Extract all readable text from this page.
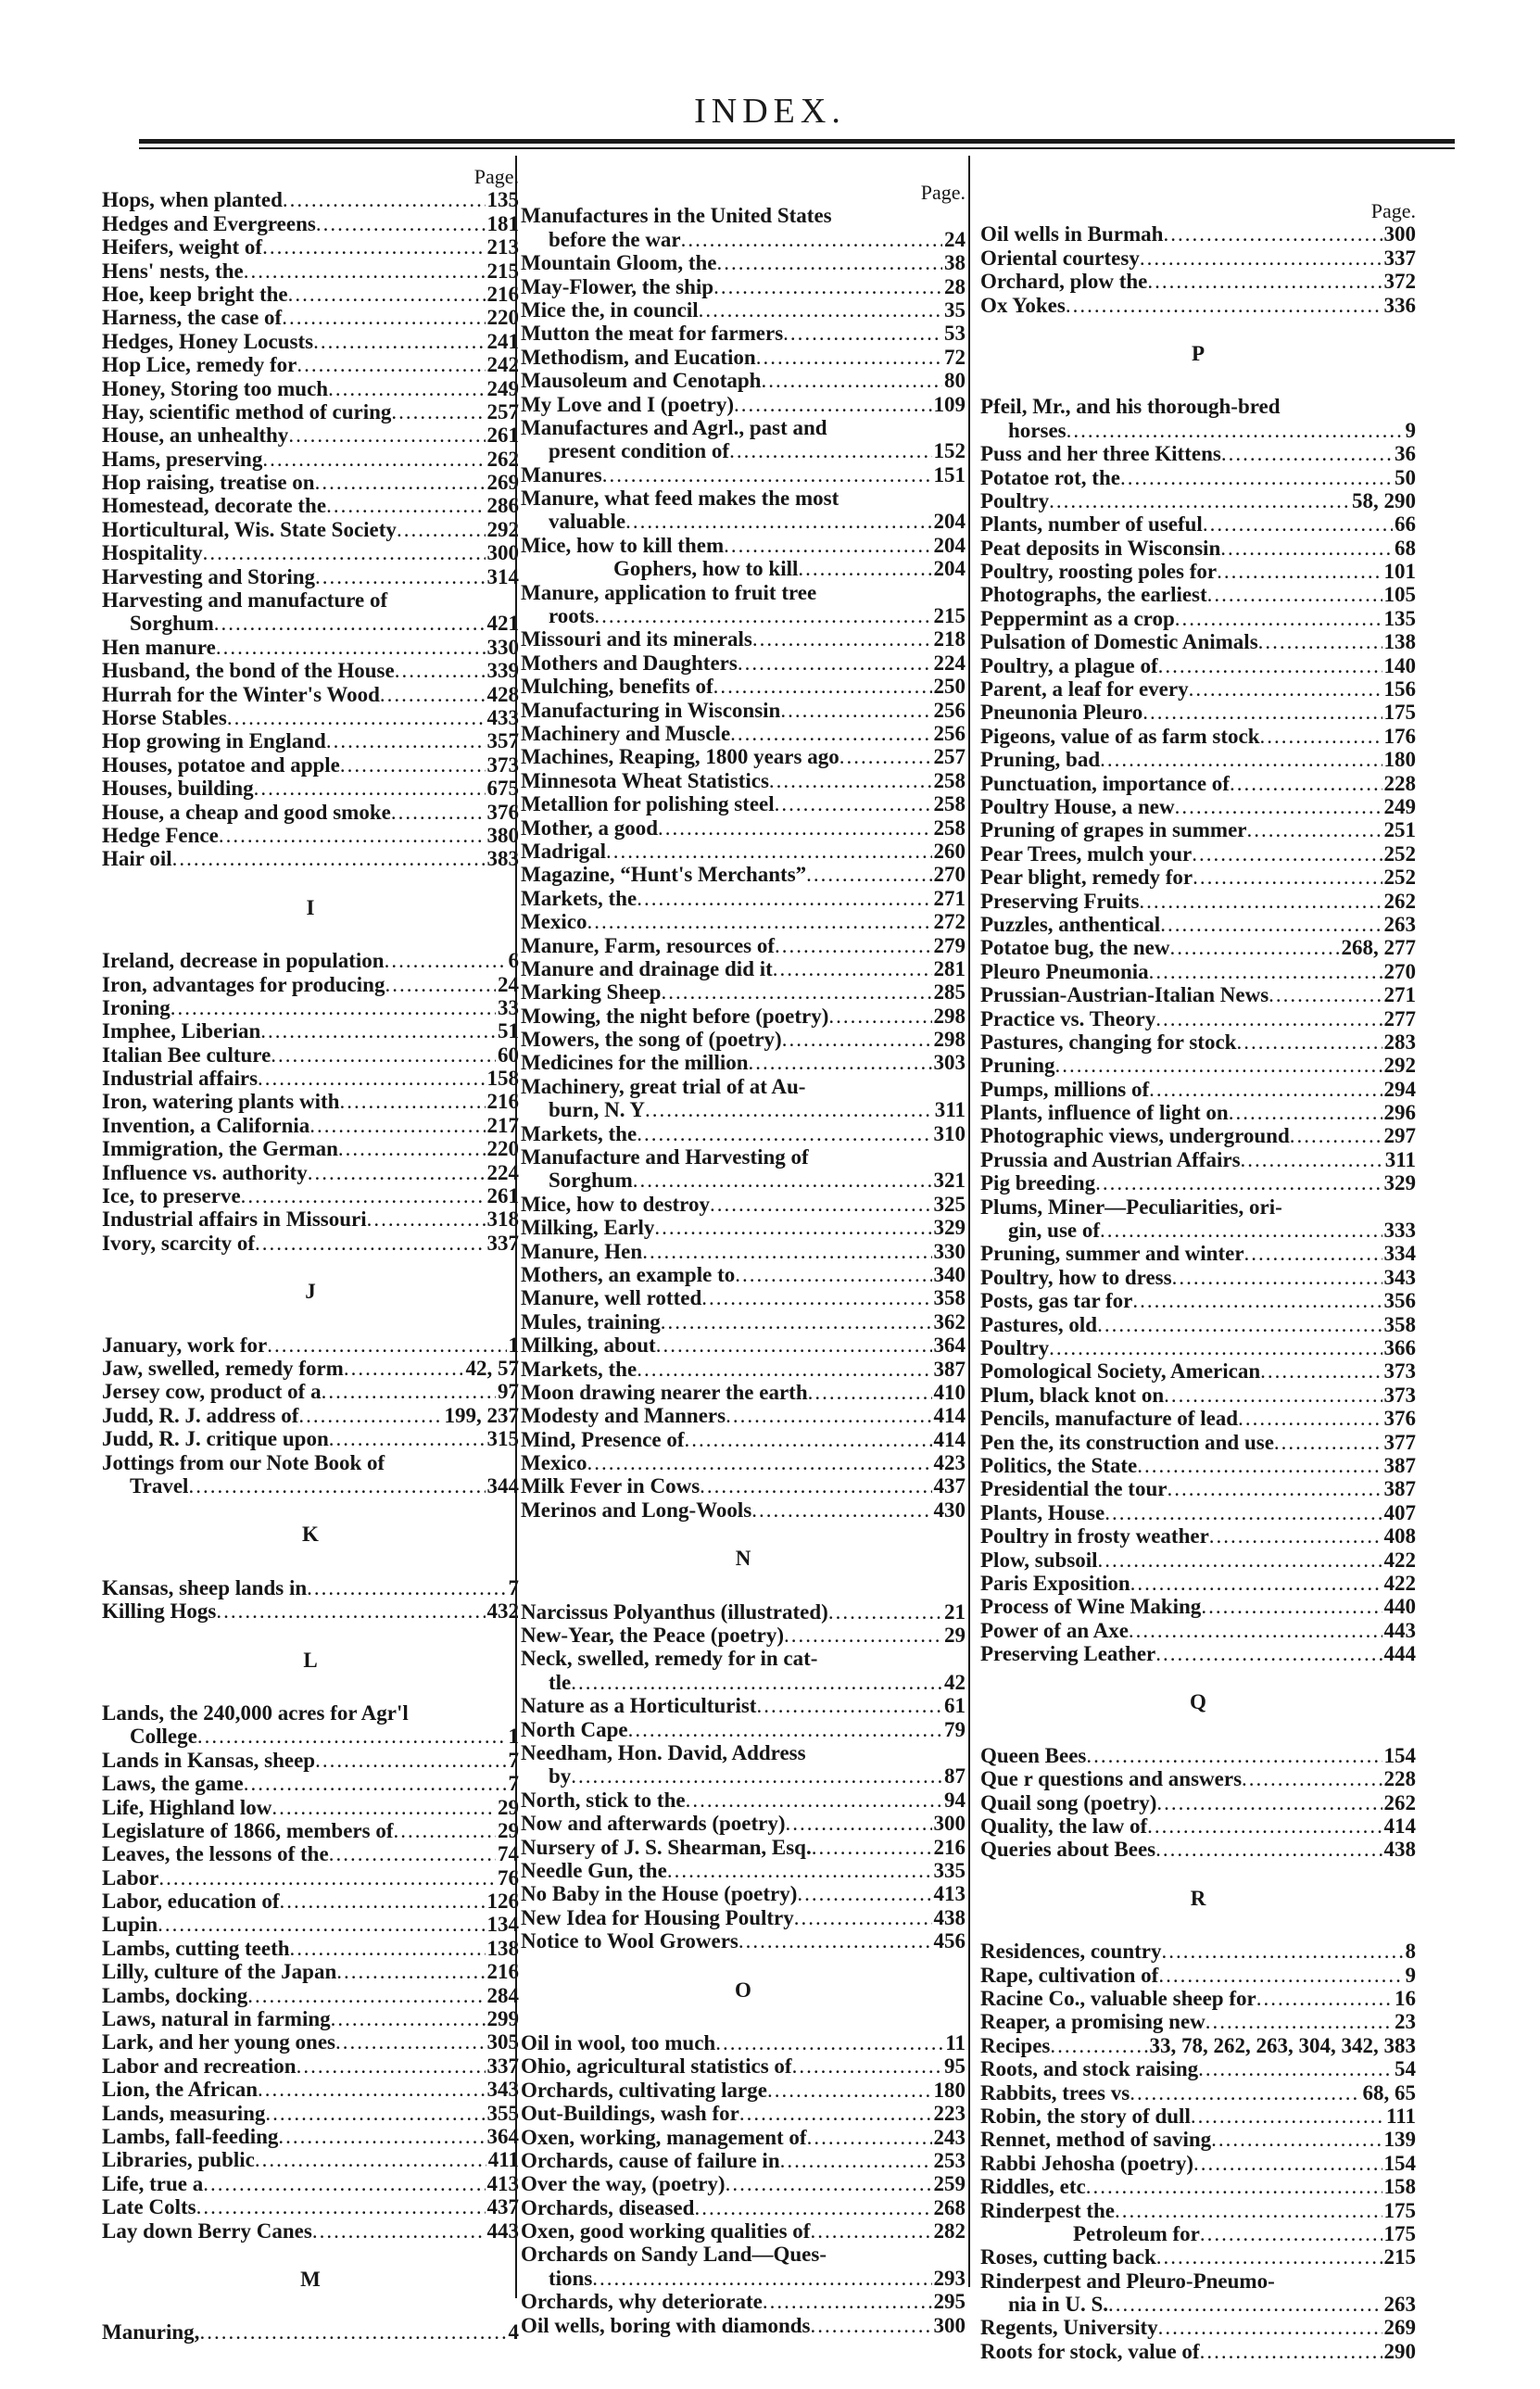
INDEX.
Page.
Hops, when planted .....	135
Hedges and Evergreens .....	181
Heifers, weight of .....	213
Hens' nests, the .....	215
Hoe, keep bright the .....	216
Harness, the case of .....	220
Hedges, Honey Locusts .....	241
Hop Lice, remedy for .....	242
Honey, Storing too much .....	249
Hay, scientific method of curing .....	257
House, an unhealthy .....	261
Hams, preserving .....	262
Hop raising, treatise on .....	269
Homestead, decorate the .....	286
Horticultural, Wis. State Society .....	292
Hospitality .....	300
Harvesting and Storing .....	314
Harvesting and manufacture of
Sorghum .....	421
Hen manure .....	330
Husband, the bond of the House .....	339
Hurrah for the Winter's Wood .....	428
Horse Stables .....	433
Hop growing in England .....	357
Houses, potatoe and apple .....	373
Houses, building .....	675
House, a cheap and good smoke .....	376
Hedge Fence .....	380
Hair oil .....	383
I
Ireland, decrease in population .....	6
Iron, advantages for producing .....	24
Ironing .....	33
Imphee, Liberian .....	51
Italian Bee culture .....	60
Industrial affairs .....	158
Iron, watering plants with .....	216
Invention, a California .....	217
Immigration, the German .....	220
Influence vs. authority .....	224
Ice, to preserve .....	261
Industrial affairs in Missouri .....	318
Ivory, scarcity of .....	337
J
January, work for .....	1
Jaw, swelled, remedy form .....	42, 57
Jersey cow, product of a .....	97
Judd, R. J. address of .....	199, 237
Judd, R. J. critique upon .....	315
Jottings from our Note Book of
Travel .....	344
K
Kansas, sheep lands in .....	7
Killing Hogs .....	432
L
Lands, the 240,000 acres for Agr'l
College .....	1
Lands in Kansas, sheep .....	7
Laws, the game .....	7
Life, Highland low .....	29
Legislature of 1866, members of .....	29
Leaves, the lessons of the .....	74
Labor .....	76
Labor, education of .....	126
Lupin .....	134
Lambs, cutting teeth .....	138
Lilly, culture of the Japan .....	216
Lambs, docking .....	284
Laws, natural in farming .....	299
Lark, and her young ones .....	305
Labor and recreation .....	337
Lion, the African .....	343
Lands, measuring .....	355
Lambs, fall-feeding .....	364
Libraries, public .....	411
Life, true a .....	413
Late Colts .....	437
Lay down Berry Canes .....	443
M
Manuring, .....	4
Page.
Manufactures in the United States
before the war .....	24
Mountain Gloom, the .....	38
May-Flower, the ship .....	28
Mice the, in council .....	35
Mutton the meat for farmers .....	53
Methodism, and Eucation .....	72
Mausoleum and Cenotaph .....	80
My Love and I (poetry) .....	109
Manufactures and Agrl., past and
present condition of .....	152
Manures .....	151
Manure, what feed makes the most
valuable .....	204
Mice, how to kill them .....	204
Gophers, how to kill .....	204
Manure, application to fruit tree
roots .....	215
Missouri and its minerals .....	218
Mothers and Daughters .....	224
Mulching, benefits of .....	250
Manufacturing in Wisconsin .....	256
Machinery and Muscle .....	256
Machines, Reaping, 1800 years ago .....	257
Minnesota Wheat Statistics .....	258
Metallion for polishing steel .....	258
Mother, a good .....	258
Madrigal .....	260
Magazine, “Hunt's Merchants” .....	270
Markets, the .....	271
Mexico .....	272
Manure, Farm, resources of .....	279
Manure and drainage did it .....	281
Marking Sheep .....	285
Mowing, the night before (poetry) .....	298
Mowers, the song of (poetry) .....	298
Medicines for the million .....	303
Machinery, great trial of at Au-
burn, N. Y .....	311
Markets, the .....	310
Manufacture and Harvesting of
Sorghum .....	321
Mice, how to destroy .....	325
Milking, Early .....	329
Manure, Hen .....	330
Mothers, an example to .....	340
Manure, well rotted .....	358
Mules, training .....	362
Milking, about .....	364
Markets, the .....	387
Moon drawing nearer the earth .....	410
Modesty and Manners .....	414
Mind, Presence of .....	414
Mexico .....	423
Milk Fever in Cows .....	437
Merinos and Long-Wools .....	430
N
Narcissus Polyanthus (illustrated) .....	21
New-Year, the Peace (poetry) .....	29
Neck, swelled, remedy for in cat-
tle .....	42
Nature as a Horticulturist .....	61
North Cape .....	79
Needham, Hon. David, Address
by .....	87
North, stick to the .....	94
Now and afterwards (poetry) .....	300
Nursery of J. S. Shearman, Esq. .....	216
Needle Gun, the .....	335
No Baby in the House (poetry) .....	413
New Idea for Housing Poultry .....	438
Notice to Wool Growers .....	456
O
Oil in wool, too much .....	11
Ohio, agricultural statistics of .....	95
Orchards, cultivating large .....	180
Out-Buildings, wash for .....	223
Oxen, working, management of .....	243
Orchards, cause of failure in .....	253
Over the way, (poetry) .....	259
Orchards, diseased .....	268
Oxen, good working qualities of .....	282
Orchards on Sandy Land—Ques-
tions .....	293
Orchards, why deteriorate .....	295
Oil wells, boring with diamonds .....	300
Page.
Oil wells in Burmah .....	300
Oriental courtesy .....	337
Orchard, plow the .....	372
Ox Yokes .....	336
P
Pfeil, Mr., and his thorough-bred
horses .....	9
Puss and her three Kittens .....	36
Potatoe rot, the .....	50
Poultry .....	58, 290
Plants, number of useful .....	66
Peat deposits in Wisconsin .....	68
Poultry, roosting poles for .....	101
Photographs, the earliest .....	105
Peppermint as a crop .....	135
Pulsation of Domestic Animals .....	138
Poultry, a plague of .....	140
Parent, a leaf for every .....	156
Pneunonia Pleuro .....	175
Pigeons, value of as farm stock .....	176
Pruning, bad .....	180
Punctuation, importance of .....	228
Poultry House, a new .....	249
Pruning of grapes in summer .....	251
Pear Trees, mulch your .....	252
Pear blight, remedy for .....	252
Preserving Fruits .....	262
Puzzles, anthentical .....	263
Potatoe bug, the new .....	268, 277
Pleuro Pneumonia .....	270
Prussian-Austrian-Italian News .....	271
Practice vs. Theory .....	277
Pastures, changing for stock .....	283
Pruning .....	292
Pumps, millions of .....	294
Plants, influence of light on .....	296
Photographic views, underground .....	297
Prussia and Austrian Affairs .....	311
Pig breeding .....	329
Plums, Miner—Peculiarities, ori-
gin, use of .....	333
Pruning, summer and winter .....	334
Poultry, how to dress .....	343
Posts, gas tar for .....	356
Pastures, old .....	358
Poultry .....	366
Pomological Society, American .....	373
Plum, black knot on .....	373
Pencils, manufacture of lead .....	376
Pen the, its construction and use .....	377
Politics, the State .....	387
Presidential the tour .....	387
Plants, House .....	407
Poultry in frosty weather .....	408
Plow, subsoil .....	422
Paris Exposition .....	422
Process of Wine Making .....	440
Power of an Axe .....	443
Preserving Leather .....	444
Q
Queen Bees .....	154
Que r questions and answers .....	228
Quail song (poetry) .....	262
Quality, the law of .....	414
Queries about Bees .....	438
R
Residences, country .....	8
Rape, cultivation of .....	9
Racine Co., valuable sheep for .....	16
Reaper, a promising new .....	23
Recipes .....	33, 78, 262, 263, 304, 342, 383
Roots, and stock raising .....	54
Rabbits, trees vs .....	68, 65
Robin, the story of dull .....	111
Rennet, method of saving .....	139
Rabbi Jehosha (poetry) .....	154
Riddles, etc .....	158
Rinderpest the .....	175
Petroleum for .....	175
Roses, cutting back .....	215
Rinderpest and Pleuro-Pneumo-
nia in U. S. .....	263
Regents, University .....	269
Roots for stock, value of .....	290
